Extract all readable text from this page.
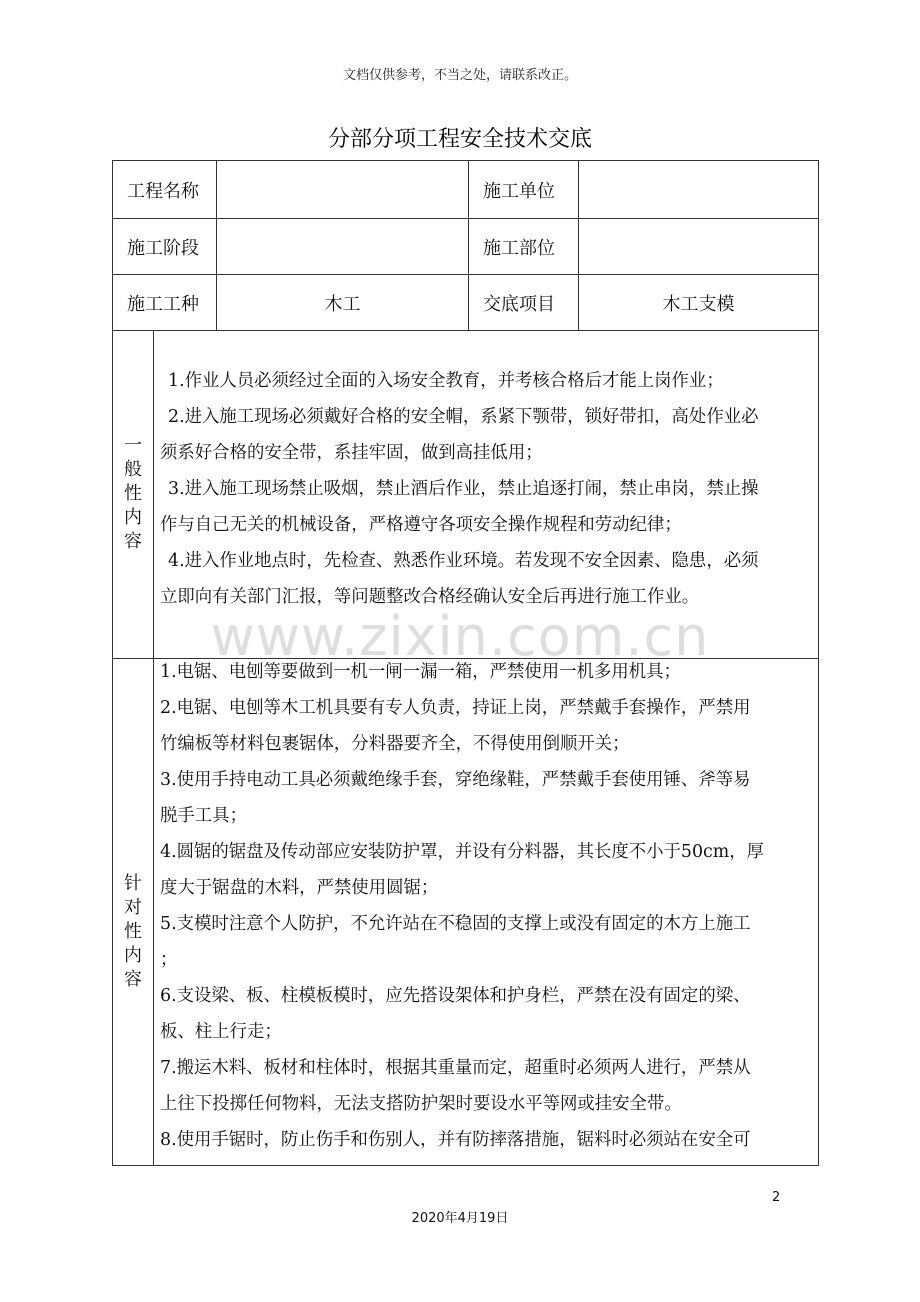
文档仅供参考，不当之处，请联系改正。
分部分项工程安全技术交底
工程名称	施工单位
施工阶段	施工部位
施工工种	木工	交底项目	木工支模
一
般
性
内
容
1.作业人员必须经过全面的入场安全教育，并考核合格后才能上岗作业；
2.进入施工现场必须戴好合格的安全帽，系紧下颚带，锁好带扣，高处作业必
须系好合格的安全带，系挂牢固，做到高挂低用；
3.进入施工现场禁止吸烟，禁止酒后作业，禁止追逐打闹，禁止串岗，禁止操
作与自己无关的机械设备，严格遵守各项安全操作规程和劳动纪律；
4.进入作业地点时，先检查、熟悉作业环境。若发现不安全因素、隐患，必须
立即向有关部门汇报，等问题整改合格经确认安全后再进行施工作业。
针
对
性
内
容
1.电锯、电刨等要做到一机一闸一漏一箱，严禁使用一机多用机具；
2.电锯、电刨等木工机具要有专人负责，持证上岗，严禁戴手套操作，严禁用
竹编板等材料包裹锯体，分料器要齐全，不得使用倒顺开关；
3.使用手持电动工具必须戴绝缘手套，穿绝缘鞋，严禁戴手套使用锤、斧等易
脱手工具；
4.圆锯的锯盘及传动部应安装防护罩，并设有分料器，其长度不小于50cm，厚
度大于锯盘的木料，严禁使用圆锯；
5.支模时注意个人防护，不允许站在不稳固的支撑上或没有固定的木方上施工
；
6.支设梁、板、柱模板模时，应先搭设架体和护身栏，严禁在没有固定的梁、
板、柱上行走；
7.搬运木料、板材和柱体时，根据其重量而定，超重时必须两人进行，严禁从
上往下投掷任何物料，无法支搭防护架时要设水平等网或挂安全带。
8.使用手锯时，防止伤手和伤别人，并有防摔落措施，锯料时必须站在安全可
www.zixin.com.cn
2
2020年4月19日
